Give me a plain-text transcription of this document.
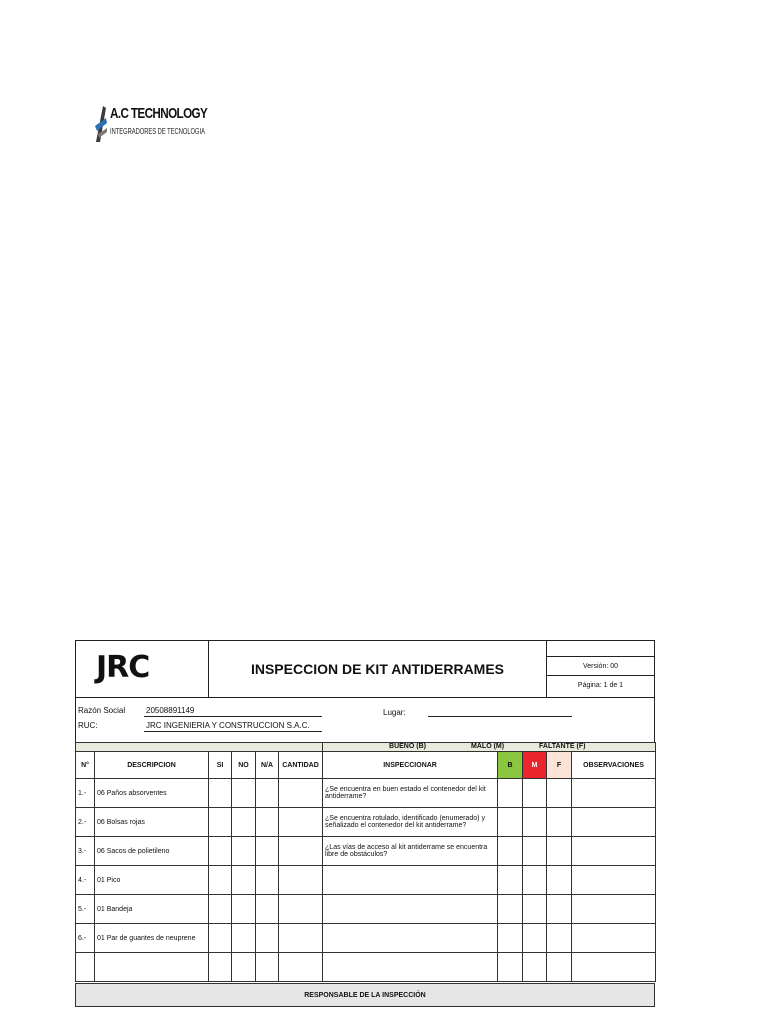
A.C TECHNOLOGY
INTEGRADORES DE TECNOLOGIA
JRC	INSPECCION DE KIT ANTIDERRAMES	Versión: 00
Página: 1 de 1
Razón Social	20508891149
RUC:	JRC INGENIERIA Y CONSTRUCCION S.A.C.
Lugar:

						BUENO (B) MALO (M) FALTANTE (F)				

N°	DESCRIPCION	SI	NO	N/A	CANTIDAD	INSPECCIONAR	B	M	F	OBSERVACIONES
1.-	06 Paños absorventes					¿Se encuentra en buen estado el contenedor del kit antiderrame?				
2.-	06 Bolsas rojas					¿Se encuentra rotulado, identificado (enumerado) y señalizado el contenedor del kit antiderrame?				
3.-	06 Sacos de polietileno					¿Las vías de acceso al kit antiderrame se encuentra libre de obstáculos?				
4.-	01 Pico									
5.-	01 Bandeja									
6.-	01 Par de guantes de neuprene									

RESPONSABLE DE LA INSPECCIÓN
